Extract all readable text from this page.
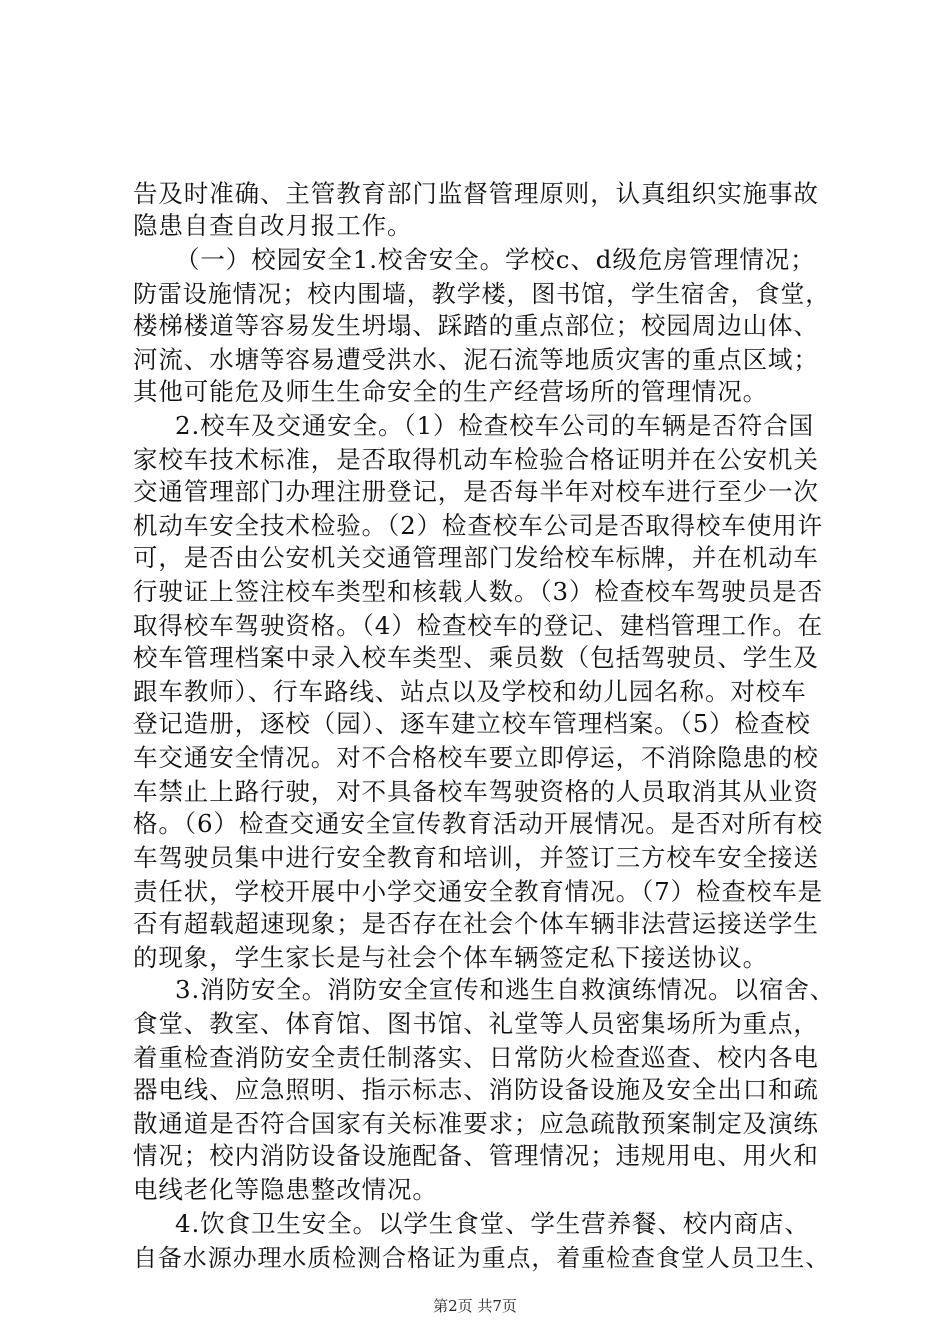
告及时准确、主管教育部门监督管理原则，认真组织实施事故
隐患自查自改月报工作。
（一）校园安全1.校舍安全。学校c、d级危房管理情况；
防雷设施情况；校内围墙，教学楼，图书馆，学生宿舍，食堂，
楼梯楼道等容易发生坍塌、踩踏的重点部位；校园周边山体、
河流、水塘等容易遭受洪水、泥石流等地质灾害的重点区域；
其他可能危及师生生命安全的生产经营场所的管理情况。
2.校车及交通安全。（1）检查校车公司的车辆是否符合国
家校车技术标准，是否取得机动车检验合格证明并在公安机关
交通管理部门办理注册登记，是否每半年对校车进行至少一次
机动车安全技术检验。（2）检查校车公司是否取得校车使用许
可，是否由公安机关交通管理部门发给校车标牌，并在机动车
行驶证上签注校车类型和核载人数。（3）检查校车驾驶员是否
取得校车驾驶资格。（4）检查校车的登记、建档管理工作。在
校车管理档案中录入校车类型、乘员数（包括驾驶员、学生及
跟车教师）、行车路线、站点以及学校和幼儿园名称。对校车
登记造册，逐校（园）、逐车建立校车管理档案。（5）检查校
车交通安全情况。对不合格校车要立即停运，不消除隐患的校
车禁止上路行驶，对不具备校车驾驶资格的人员取消其从业资
格。（6）检查交通安全宣传教育活动开展情况。是否对所有校
车驾驶员集中进行安全教育和培训，并签订三方校车安全接送
责任状，学校开展中小学交通安全教育情况。（7）检查校车是
否有超载超速现象；是否存在社会个体车辆非法营运接送学生
的现象，学生家长是与社会个体车辆签定私下接送协议。
3.消防安全。消防安全宣传和逃生自救演练情况。以宿舍、
食堂、教室、体育馆、图书馆、礼堂等人员密集场所为重点，
着重检查消防安全责任制落实、日常防火检查巡查、校内各电
器电线、应急照明、指示标志、消防设备设施及安全出口和疏
散通道是否符合国家有关标准要求；应急疏散预案制定及演练
情况；校内消防设备设施配备、管理情况；违规用电、用火和
电线老化等隐患整改情况。
4.饮食卫生安全。以学生食堂、学生营养餐、校内商店、
自备水源办理水质检测合格证为重点，着重检查食堂人员卫生、
第2页 共7页
